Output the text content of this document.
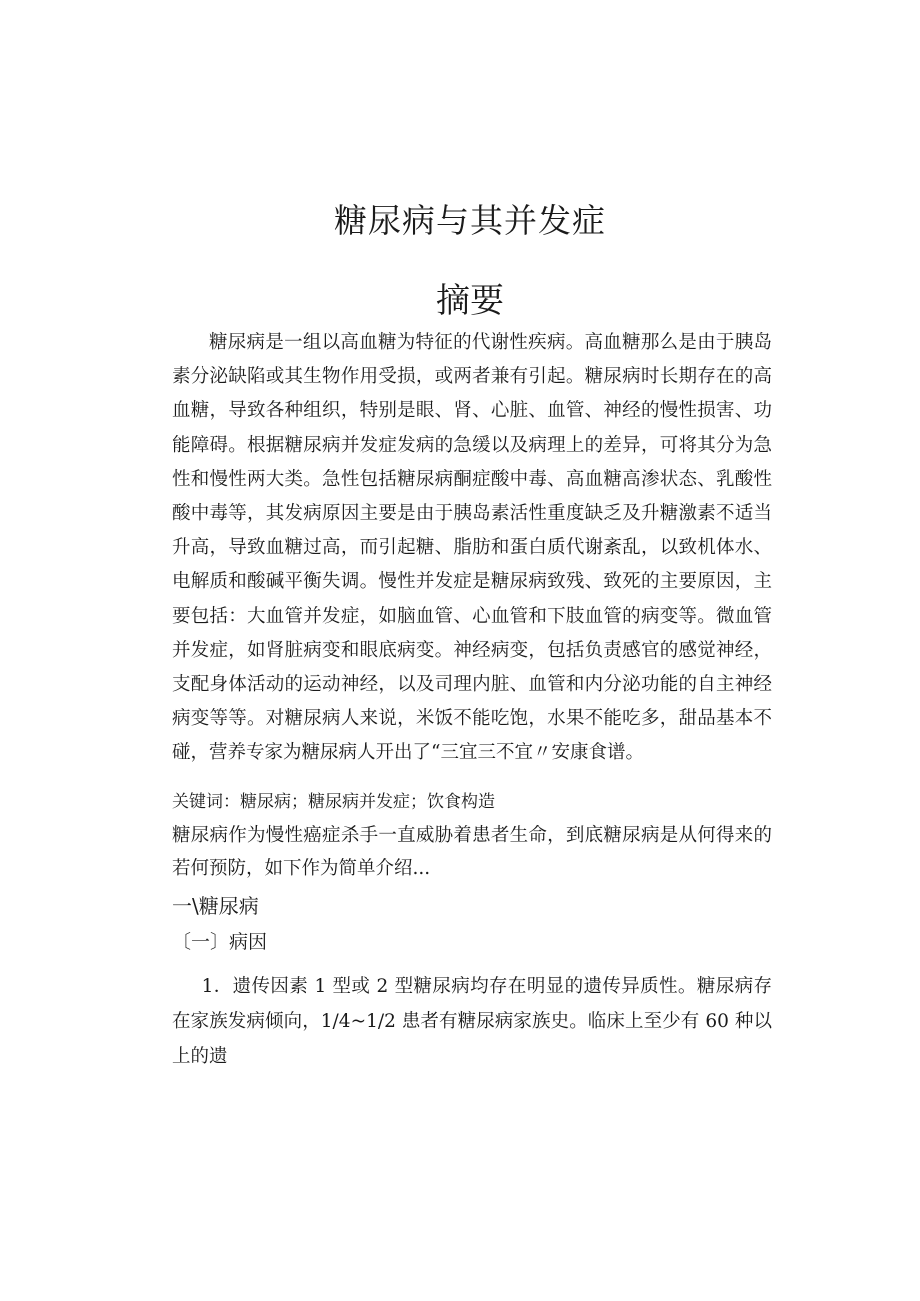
糖尿病与其并发症
摘要

糖尿病是一组以高血糖为特征的代谢性疾病。高血糖那么是由于胰岛素分泌缺陷或其生物作用受损，或两者兼有引起。糖尿病时长期存在的高血糖，导致各种组织，特别是眼、肾、心脏、血管、神经的慢性损害、功能障碍。根据糖尿病并发症发病的急缓以及病理上的差异，可将其分为急性和慢性两大类。急性包括糖尿病酮症酸中毒、高血糖高渗状态、乳酸性酸中毒等，其发病原因主要是由于胰岛素活性重度缺乏及升糖激素不适当升高，导致血糖过高，而引起糖、脂肪和蛋白质代谢紊乱，以致机体水、电解质和酸碱平衡失调。慢性并发症是糖尿病致残、致死的主要原因，主要包括：大血管并发症，如脑血管、心血管和下肢血管的病变等。微血管并发症，如肾脏病变和眼底病变。神经病变，包括负责感官的感觉神经，支配身体活动的运动神经，以及司理内脏、血管和内分泌功能的自主神经病变等等。对糖尿病人来说，米饭不能吃饱，水果不能吃多，甜品基本不碰，营养专家为糖尿病人开出了“三宜三不宜〃安康食谱。

关键词：糖尿病；糖尿病并发症；饮食构造

糖尿病作为慢性癌症杀手一直威胁着患者生命，到底糖尿病是从何得来的若何预防，如下作为简单介绍...

一\糖尿病
〔一〕病因

1．遗传因素 1 型或 2 型糖尿病均存在明显的遗传异质性。糖尿病存在家族发病倾向，1/4~1/2 患者有糖尿病家族史。临床上至少有 60 种以上的遗
